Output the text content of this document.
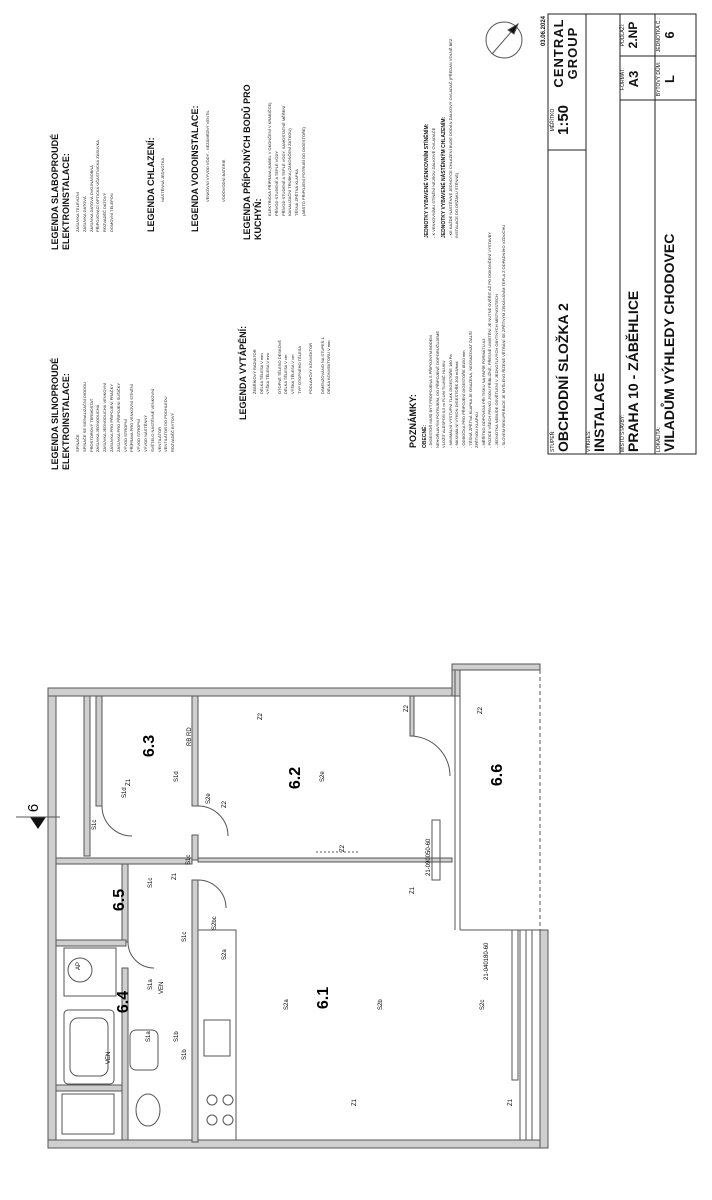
6
6.1
6.2
6.3
6.4
6.5
6.6
Z1
S1d
S1d
RB RD
S1c
S2e
Z2
S1c
Z1
S1c
S1c
S2bc
S2a
S1a VEN
S1a	S1b
S1b
AP
VEN
S2a	S2b	S2c
S2e
Z2
Z2
Z2
Z1
Z1	Z1
Z2
21-090050-60
21-040180-60
LEGENDA SILNOPROUDÉ ELEKTROINSTALACE: SPÍNAČE SPÍNAČE SE SIGNALIZAČNÍ DIODOU PROSTOROVÝ TERMOSTAT ZÁSUVKA JEDNODUCHÁ ZÁSUVKA JEDNODUCHÁ VENKOVNÍ ZÁSUVKA PRO PŘIPOJENÍ PRAČKY ZÁSUVKA PRO PŘIPOJENÍ SUŠIČKY VÝVOD STROPNÍ PŘÍPRAVA PRO VENKOVNÍ STÍNĚNÍ VÝVOD STROPNÍ VÝVOD NÁSTĚNNÝ SVĚTELO NÁSTĚNNÉ VENKOVNÍ VENTILÁTOR VENTILÁTOR DO PODHLEDU ROZVADĚČ BYTOVÝ
LEGENDA VYTÁPĚNÍ: ŽEBŘÍKOVÝ RADIÁTOR DÉLKA TĚLESA V mm VÝŠKA TĚLESA V mm	OTOPNÉ TĚLESO DESKOVÉ DÉLKA TĚLESA V cm VÝŠKA TĚLESA V cm TYP OTOPNÉHO TĚLESA	PODLAHOVÝ KONVEKTOR	DIMENZOVÁNO NA STUPEŇ 1 DÉLKA KONVEKTORU V mm
LEGENDA SLABOPROUDÉ ELEKTROINSTALACE: ZÁSUVKA TELEVIZNÍ ZÁSUVKA DATOVÁ ZÁSUVKA DATOVÁ DVOJNÁSOBNÁ PŘIPOJOVACÍ OPTICKÁ ÚČASTNICKÁ ZÁSUVKA ROZVADĚČ DATOVÝ DOMOVNÍ TELEFON	LEGENDA CHLAZENÍ: NÁSTĚNNÁ JEDNOTKA	LEGENDA VODOINSTALACE: VENKOVNÍ VÝVOD VODY - NEZÁMRZNÝ VENTIL	VODOVODNÍ BATERIE LEGENDA PŘÍPOJNÝCH BODŮ PRO KUCHYŇ:
ELEKTRICKÁ PŘÍPRAVA (KABEL V OKONČENÍ V KRABIČCE) PŘÍVOD STUDENÉ A TEPLÉ VODY PŘÍVOD STUDENÉ A TEPLÉ VODY, SAMOSTATNÉ MĚŘENÍ KANALIZAČNÍ TRUBKA (ZAKONČENÍ ZÁTKOU) TĚSNÁ ZPĚTNÁ KLAPKA (ABSTO PŘIPOJENÍ POTRUBÍ OD DIGESTOŘE)
POZNÁMKY: OBECNÉ: - DIGESTOŘ MUSÍ BÝT PROPOJENA S PŘÍPOJNÝM BODEM NEHOŘLAVÝM POTRUBÍM, DO PŘIPOJENÉ DOPORUČUJEME VLOŽIT ALESPOŇ 0,5 m FLUM TLUMIČ HLUKU - MINIMÁLNÍ VÝSTUPNÍ TLAK DIGESTOŘE 180 Pa - MAXIMÁLNÍ VÝKON DIGESTOŘE 300 m3/hod. - ODBOČKA PRO PŘIPOJENÍ DIGESTOŘE Ø150 mm - TĚSNÁ ZPĚTNÁ KLAPKA JE OSAZENA, NEOSAZOVAT DALŠÍ ZPĚTNOU KLAPKU - MĚŘÍTKO ODPOVÍDÁ PŘI TISKU NA PAPÍR FORMÁTU A3 - POZICE VŠECH PRVKŮ JSOU PŘIBLIŽNÉ, PŘESNÉ UMÍSTĚNÍ JE NUTNÉ OVĚŘIT AŽ PO DOKONČENÍ VÝSTAVBY - JEDNOTKA NEBUDE OSVĚTLENÍ V JEDNOTLIVÝCH OBYTNÝCH MÍSTNOSTECH - SLOVEM REKUPERACE JE MYŠLENO ŘÍZENÉ VĚTRÁNÍ SE ZPĚTNÝM ZÍSKÁVÁNÍM TEPLA Z ODPADNÍHO VZDUCHU
JEDNOTKY VYBAVENÉ VENKOVNÍM STÍNĚNÍM: - K VENKOVNÍMU STÍNĚNÍ NEJSOU DÁLKOVÉ OVLADAČE JEDNOTKY VYBAVENÉ NÁSTĚNNÝM CHLAZENÍM: - KE KAŽDÉ NÁSTĚNNÉ JEDNOTCE CHLAZENÍ BUDE DODÁN DÁLKOVÝ OVLADAČ (PŘEDAN VOLNĚ BEZ INSTALACE DO DRŽÁKU STĚNNÉ)
STUPEŇ: OBCHODNÍ SLOŽKA 2
MĚŘÍTKO 1:50
VÝKRES: INSTALACE	MÍSTO STAVBY: PRAHA 10 - ZÁBĚHLICE
FORMÁT: A3
PODLAŽÍ: 2.NP
LOKALITA: VILADŮM VÝHLEDY CHODOVEC
BYTOVÝ DŮM: L
JEDNOTKA Č.: 6
CENTRAL GROUP
03.06.2024
